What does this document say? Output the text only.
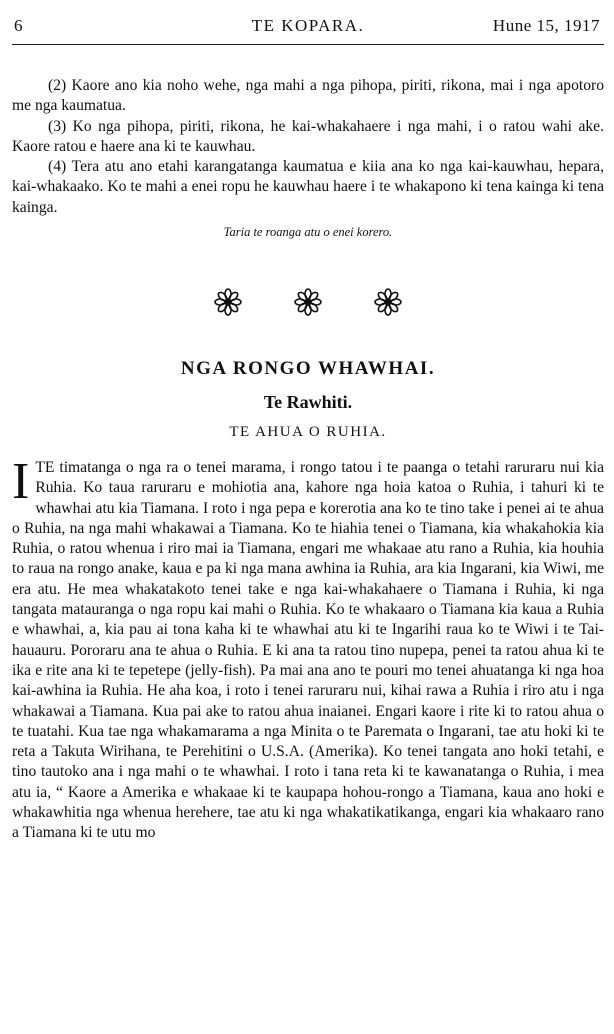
6	TE KOPARA.	Hune 15, 1917

(2) Kaore ano kia noho wehe, nga mahi a nga pihopa, piriti, rikona, mai i nga apotoro me nga kaumatua.

(3) Ko nga pihopa, piriti, rikona, he kai-whakahaere i nga mahi, i o ratou wahi ake. Kaore ratou e haere ana ki te kauwhau.

(4) Tera atu ano etahi karangatanga kaumatua e kiia ana ko nga kai-kauwhau, hepara, kai-whakaako. Ko te mahi a enei ropu he kauwhau haere i te whakapono ki tena kainga ki tena kainga.

Taria te roanga atu o enei korero.

NGA RONGO WHAWHAI.
Te Rawhiti.
TE AHUA O RUHIA.
I TE timatanga o nga ra o tenei marama, i rongo tatou i te paanga o tetahi raruraru nui kia Ruhia. Ko taua raruraru e mohiotia ana, kahore nga hoia katoa o Ruhia, i tahuri ki te whawhai atu kia Tiamana. I roto i nga pepa e korerotia ana ko te tino take i penei ai te ahua o Ruhia, na nga mahi whakawai a Tiamana. Ko te hiahia tenei o Tiamana, kia whakahokia kia Ruhia, o ratou whenua i riro mai ia Tiamana, engari me whakaae atu rano a Ruhia, kia houhia to raua na rongo anake, kaua e pa ki nga mana awhina ia Ruhia, ara kia Ingarani, kia Wiwi, me era atu. He mea whakatakoto tenei take e nga kai-whakahaere o Tiamana i Ruhia, ki nga tangata matauranga o nga ropu kai mahi o Ruhia. Ko te whakaaro o Tiamana kia kaua a Ruhia e whawhai, a, kia pau ai tona kaha ki te whawhai atu ki te Ingarihi raua ko te Wiwi i te Tai-hauauru. Pororaru ana te ahua o Ruhia. E ki ana ta ratou tino nupepa, penei ta ratou ahua ki te ika e rite ana ki te tepetepe (jelly-fish). Pa mai ana ano te pouri mo tenei ahuatanga ki nga hoa kai-awhina ia Ruhia. He aha koa, i roto i tenei raruraru nui, kihai rawa a Ruhia i riro atu i nga whakawai a Tiamana. Kua pai ake to ratou ahua inaianei. Engari kaore i rite ki to ratou ahua o te tuatahi. Kua tae nga whakamarama a nga Minita o te Paremata o Ingarani, tae atu hoki ki te reta a Takuta Wirihana, te Perehitini o U.S.A. (Amerika). Ko tenei tangata ano hoki tetahi, e tino tautoko ana i nga mahi o te whawhai. I roto i tana reta ki te kawanatanga o Ruhia, i mea atu ia, “ Kaore a Amerika e whakaae ki te kaupapa hohou-rongo a Tiamana, kaua ano hoki e whakawhitia nga whenua herehere, tae atu ki nga whakatikatikanga, engari kia whakaaro rano a Tiamana ki te utu mo
